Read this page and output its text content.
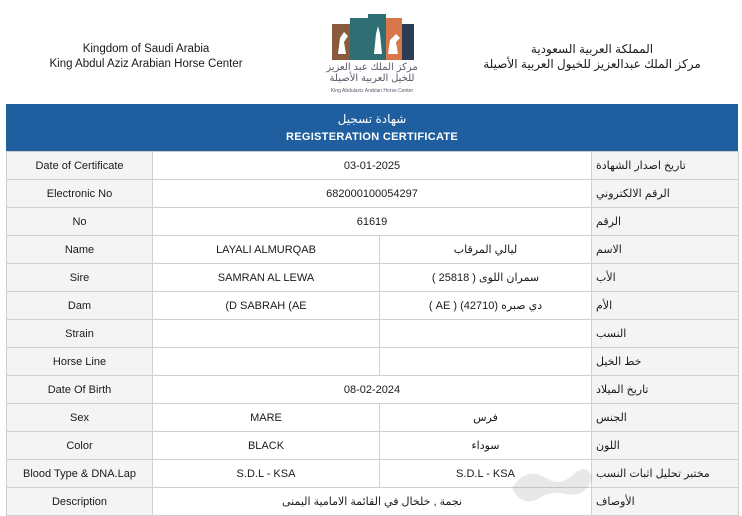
Kingdom of Saudi Arabia
King Abdul Aziz Arabian Horse Center	مركز الملك عبد العزيز
للخيل العربية الأصيلة
King Abdulaziz Arabian Horse Center
المملكة العربية السعودية
مركز الملك عبدالعزيز للخيول العربية الأصيلة
شهادة تسجيل
REGISTERATION CERTIFICATE
Date of Certificate	03-01-2025		تاريخ اصدار الشهادة

Electronic No	682000100054297		الرقم الالكتروني

No	61619		الرقم

Name	LAYALI ALMURQAB	ليالي المرقاب	الاسم

Sire	SAMRAN AL LEWA	سمران اللوى ( 25818 )	الأب

Dam	(D SABRAH (AE	دي صبره (42710) ( AE )	الأم

Strain			النسب

Horse Line			خط الخيل

Date Of Birth	08-02-2024		تاريخ الميلاد

Sex	MARE	فرس	الجنس

Color	BLACK	سوداء	اللون

Blood Type & DNA.Lap	S.D.L - KSA	S.D.L - KSA	مختبر تحليل اثبات النسب

Description	نجمة , خلخال في القائمة الامامية اليمنى		الأوصاف
